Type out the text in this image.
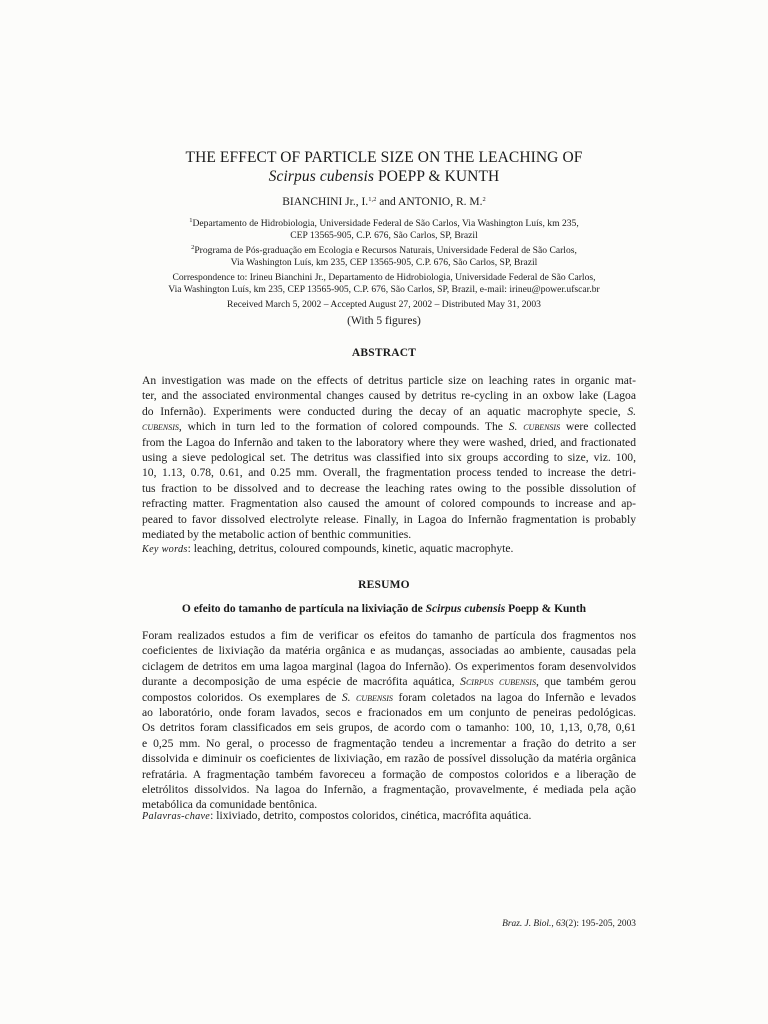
THE EFFECT OF PARTICLE SIZE ON THE LEACHING OF
Scirpus cubensis POEPP & KUNTH
BIANCHINI Jr., I.$^{1,2}$ and ANTONIO, R. M.$^2$
$^1$Departamento de Hidrobiologia, Universidade Federal de São Carlos, Via Washington Luís, km 235,
CEP 13565-905, C.P. 676, São Carlos, SP, Brazil
$^2$Programa de Pós-graduação em Ecologia e Recursos Naturais, Universidade Federal de São Carlos,
Via Washington Luís, km 235, CEP 13565-905, C.P. 676, São Carlos, SP, Brazil
Correspondence to: Irineu Bianchini Jr., Departamento de Hidrobiologia, Universidade Federal de São Carlos,
Via Washington Luís, km 235, CEP 13565-905, C.P. 676, São Carlos, SP, Brazil, e-mail: irineu@power.ufscar.br
Received March 5, 2002 – Accepted August 27, 2002 – Distributed May 31, 2003
(With 5 figures)
ABSTRACT
An investigation was made on the effects of detritus particle size on leaching rates in organic mat-
ter, and the associated environmental changes caused by detritus re-cycling in an oxbow lake (Lagoa
do Infernão). Experiments were conducted during the decay of an aquatic macrophyte specie, S.
cubensis, which in turn led to the formation of colored compounds. The S. cubensis were collected
from the Lagoa do Infernão and taken to the laboratory where they were washed, dried, and fractionated
using a sieve pedological set. The detritus was classified into six groups according to size, viz. 100,
10, 1.13, 0.78, 0.61, and 0.25 mm. Overall, the fragmentation process tended to increase the detri-
tus fraction to be dissolved and to decrease the leaching rates owing to the possible dissolution of
refracting matter. Fragmentation also caused the amount of colored compounds to increase and ap-
peared to favor dissolved electrolyte release. Finally, in Lagoa do Infernão fragmentation is probably
mediated by the metabolic action of benthic communities.
Key words: leaching, detritus, coloured compounds, kinetic, aquatic macrophyte.
RESUMO
O efeito do tamanho de partícula na lixiviação de Scirpus cubensis Poepp & Kunth
Foram realizados estudos a fim de verificar os efeitos do tamanho de partícula dos fragmentos nos
coeficientes de lixiviação da matéria orgânica e as mudanças, associadas ao ambiente, causadas pela
ciclagem de detritos em uma lagoa marginal (lagoa do Infernão). Os experimentos foram desenvolvidos
durante a decomposição de uma espécie de macrófita aquática, Scirpus cubensis, que também gerou
compostos coloridos. Os exemplares de S. cubensis foram coletados na lagoa do Infernão e levados
ao laboratório, onde foram lavados, secos e fracionados em um conjunto de peneiras pedológicas.
Os detritos foram classificados em seis grupos, de acordo com o tamanho: 100, 10, 1,13, 0,78, 0,61
e 0,25 mm. No geral, o processo de fragmentação tendeu a incrementar a fração do detrito a ser
dissolvida e diminuir os coeficientes de lixiviação, em razão de possível dissolução da matéria orgânica
refratária. A fragmentação também favoreceu a formação de compostos coloridos e a liberação de
eletrólitos dissolvidos. Na lagoa do Infernão, a fragmentação, provavelmente, é mediada pela ação
metabólica da comunidade bentônica.
Palavras-chave: lixiviado, detrito, compostos coloridos, cinética, macrófita aquática.
Braz. J. Biol., 63(2): 195-205, 2003
